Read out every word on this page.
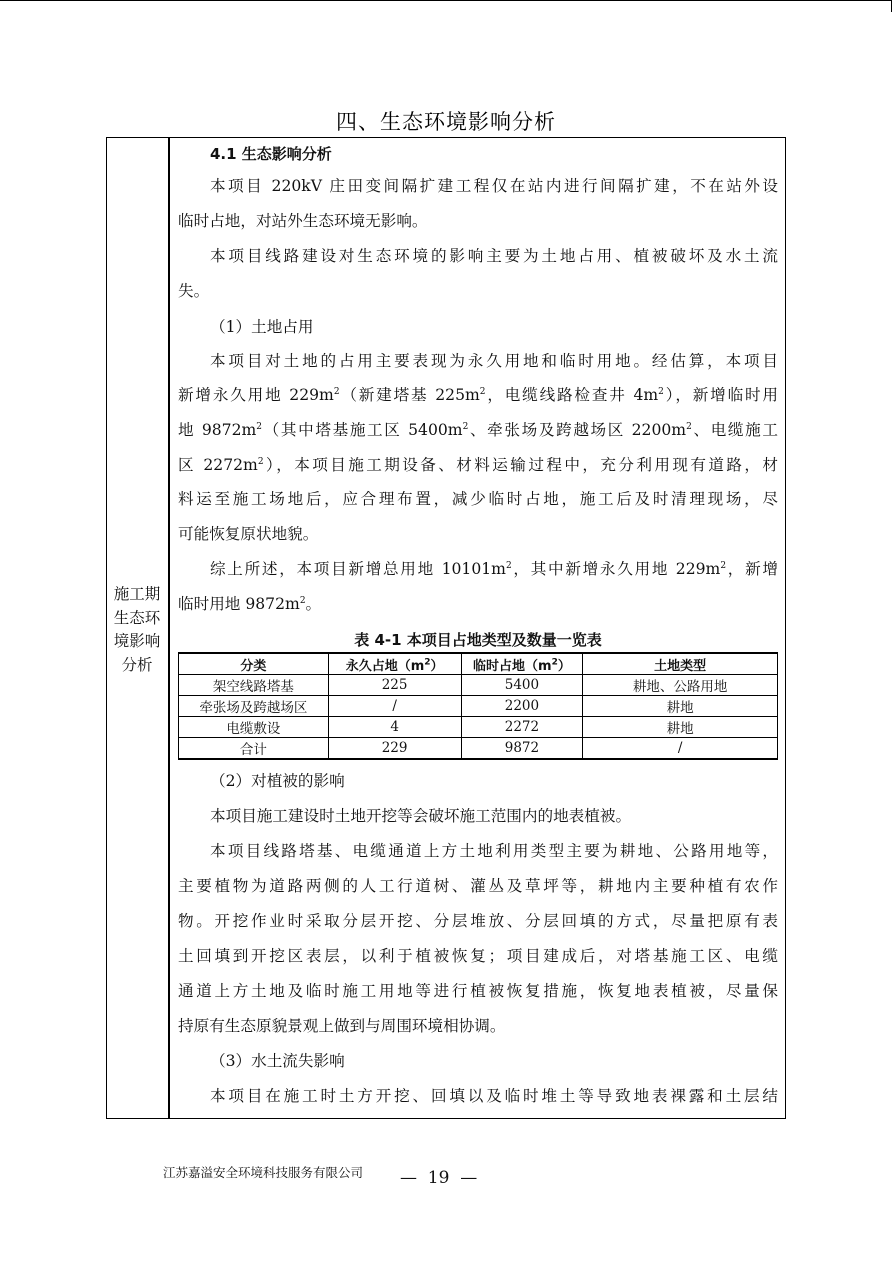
四、生态环境影响分析
施工期
生态环
境影响
分析
4.1 生态影响分析
本项目 220kV 庄田变间隔扩建工程仅在站内进行间隔扩建，不在站外设
临时占地，对站外生态环境无影响。
本项目线路建设对生态环境的影响主要为土地占用、植被破坏及水土流
失。
（1）土地占用
本项目对土地的占用主要表现为永久用地和临时用地。经估算，本项目
新增永久用地 $229m^2$（新建塔基 $225m^2$，电缆线路检查井 $4m^2$），新增临时用
地 $9872m^2$（其中塔基施工区 $5400m^2$、牵张场及跨越场区 $2200m^2$、电缆施工
区 $2272m^2$），本项目施工期设备、材料运输过程中，充分利用现有道路，材
料运至施工场地后，应合理布置，减少临时占地，施工后及时清理现场，尽
可能恢复原状地貌。
综上所述，本项目新增总用地 $10101m^2$，其中新增永久用地 $229m^2$，新增
临时用地 $9872m^2$。
表 4-1 本项目占地类型及数量一览表
分类	永久占地$(m^2)$	临时占地$(m^2)$	土地类型
架空线路塔基	225	5400	耕地、公路用地
牵张场及跨越场区	/	2200	耕地
电缆敷设	4	2272	耕地
合计	229	9872	/
（2）对植被的影响
本项目施工建设时土地开挖等会破坏施工范围内的地表植被。
本项目线路塔基、电缆通道上方土地利用类型主要为耕地、公路用地等，
主要植物为道路两侧的人工行道树、灌丛及草坪等，耕地内主要种植有农作
物。开挖作业时采取分层开挖、分层堆放、分层回填的方式，尽量把原有表
土回填到开挖区表层，以利于植被恢复；项目建成后，对塔基施工区、电缆
通道上方土地及临时施工用地等进行植被恢复措施，恢复地表植被，尽量保
持原有生态原貌景观上做到与周围环境相协调。
（3）水土流失影响
本项目在施工时土方开挖、回填以及临时堆土等导致地表裸露和土层结
江苏嘉溢安全环境科技服务有限公司 —  19  —
